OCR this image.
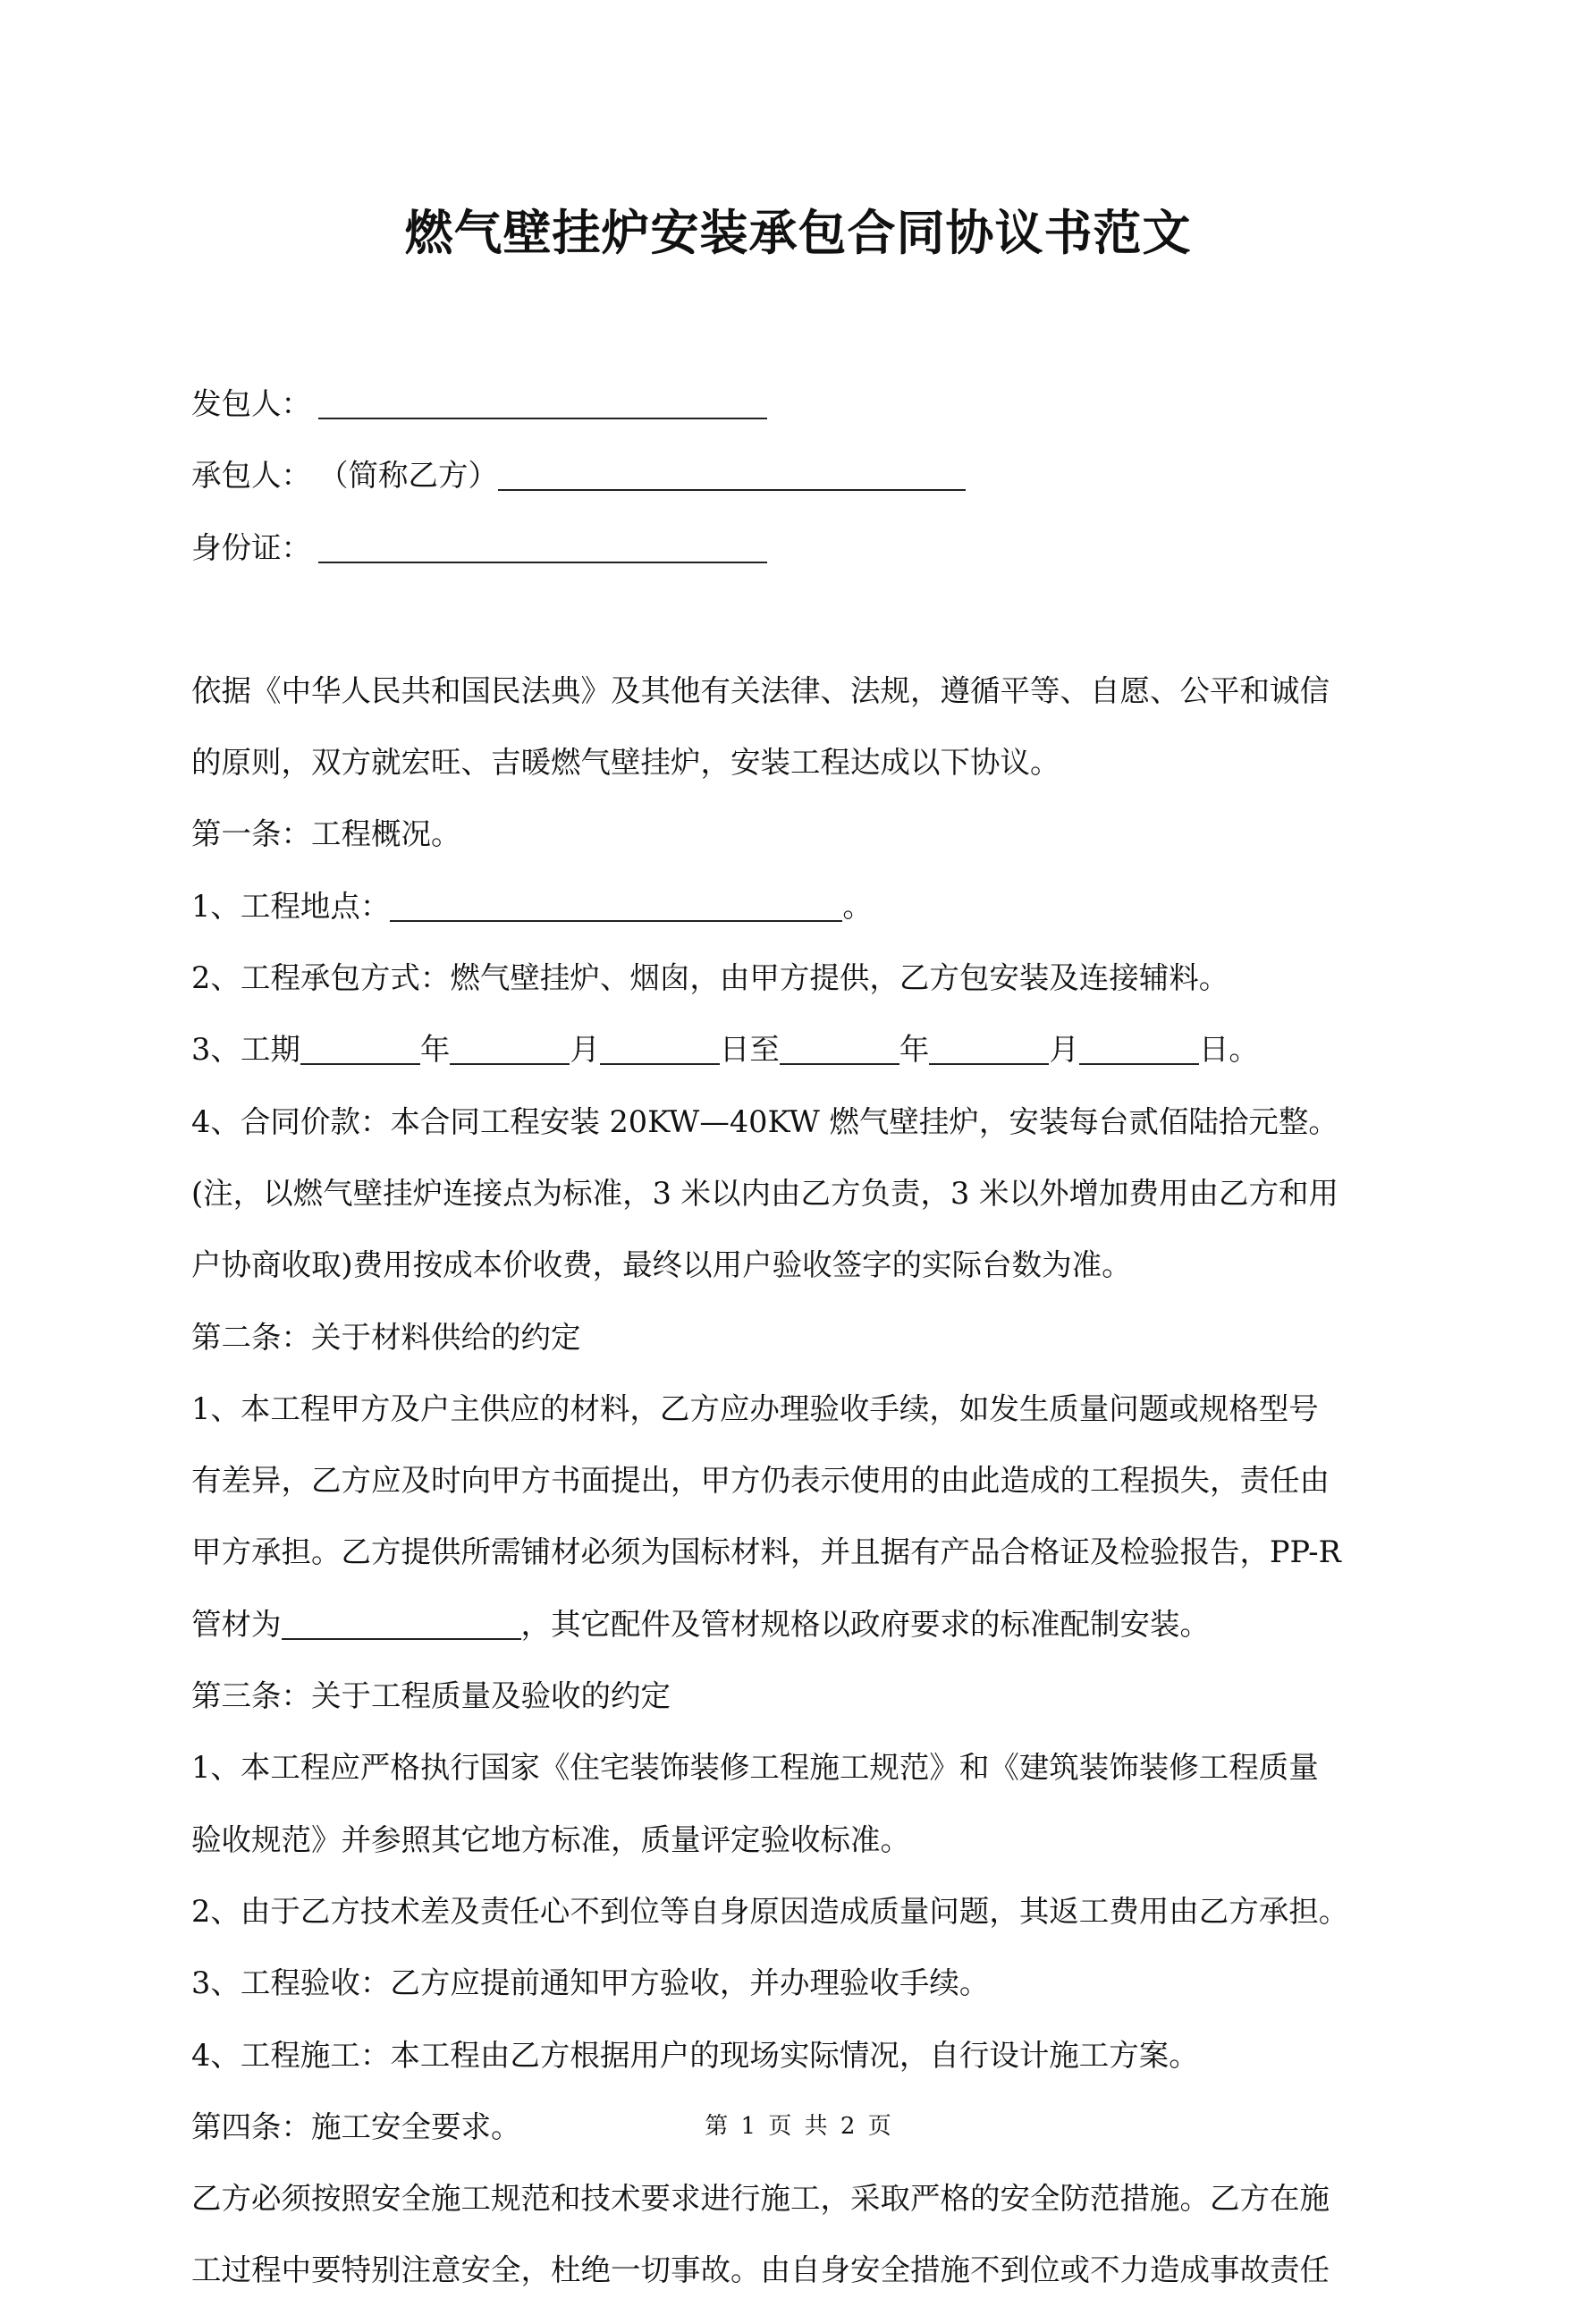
燃气壁挂炉安装承包合同协议书范文
发包人：
承包人： （简称乙方）
身份证：
依据《中华人民共和国民法典》及其他有关法律、法规，遵循平等、自愿、公平和诚信
的原则，双方就宏旺、吉暖燃气壁挂炉，安装工程达成以下协议。
第一条：工程概况。
1、工程地点：	。
2、工程承包方式：燃气壁挂炉、烟囱，由甲方提供，乙方包安装及连接辅料。
3、工期	年	月	日至	年	月	日。
4、合同价款：本合同工程安装 20KW—40KW 燃气壁挂炉，安装每台贰佰陆拾元整。
(注，以燃气壁挂炉连接点为标准，3 米以内由乙方负责，3 米以外增加费用由乙方和用
户协商收取)费用按成本价收费，最终以用户验收签字的实际台数为准。
第二条：关于材料供给的约定
1、本工程甲方及户主供应的材料，乙方应办理验收手续，如发生质量问题或规格型号
有差异，乙方应及时向甲方书面提出，甲方仍表示使用的由此造成的工程损失，责任由
甲方承担。乙方提供所需铺材必须为国标材料，并且据有产品合格证及检验报告，PP-R
管材为	，其它配件及管材规格以政府要求的标准配制安装。
第三条：关于工程质量及验收的约定
1、本工程应严格执行国家《住宅装饰装修工程施工规范》和《建筑装饰装修工程质量
验收规范》并参照其它地方标准，质量评定验收标准。
2、由于乙方技术差及责任心不到位等自身原因造成质量问题，其返工费用由乙方承担。
3、工程验收：乙方应提前通知甲方验收，并办理验收手续。
4、工程施工：本工程由乙方根据用户的现场实际情况，自行设计施工方案。
第四条：施工安全要求。
乙方必须按照安全施工规范和技术要求进行施工，采取严格的安全防范措施。乙方在施
工过程中要特别注意安全，杜绝一切事故。由自身安全措施不到位或不力造成事故责任
第 1 页 共 2 页
